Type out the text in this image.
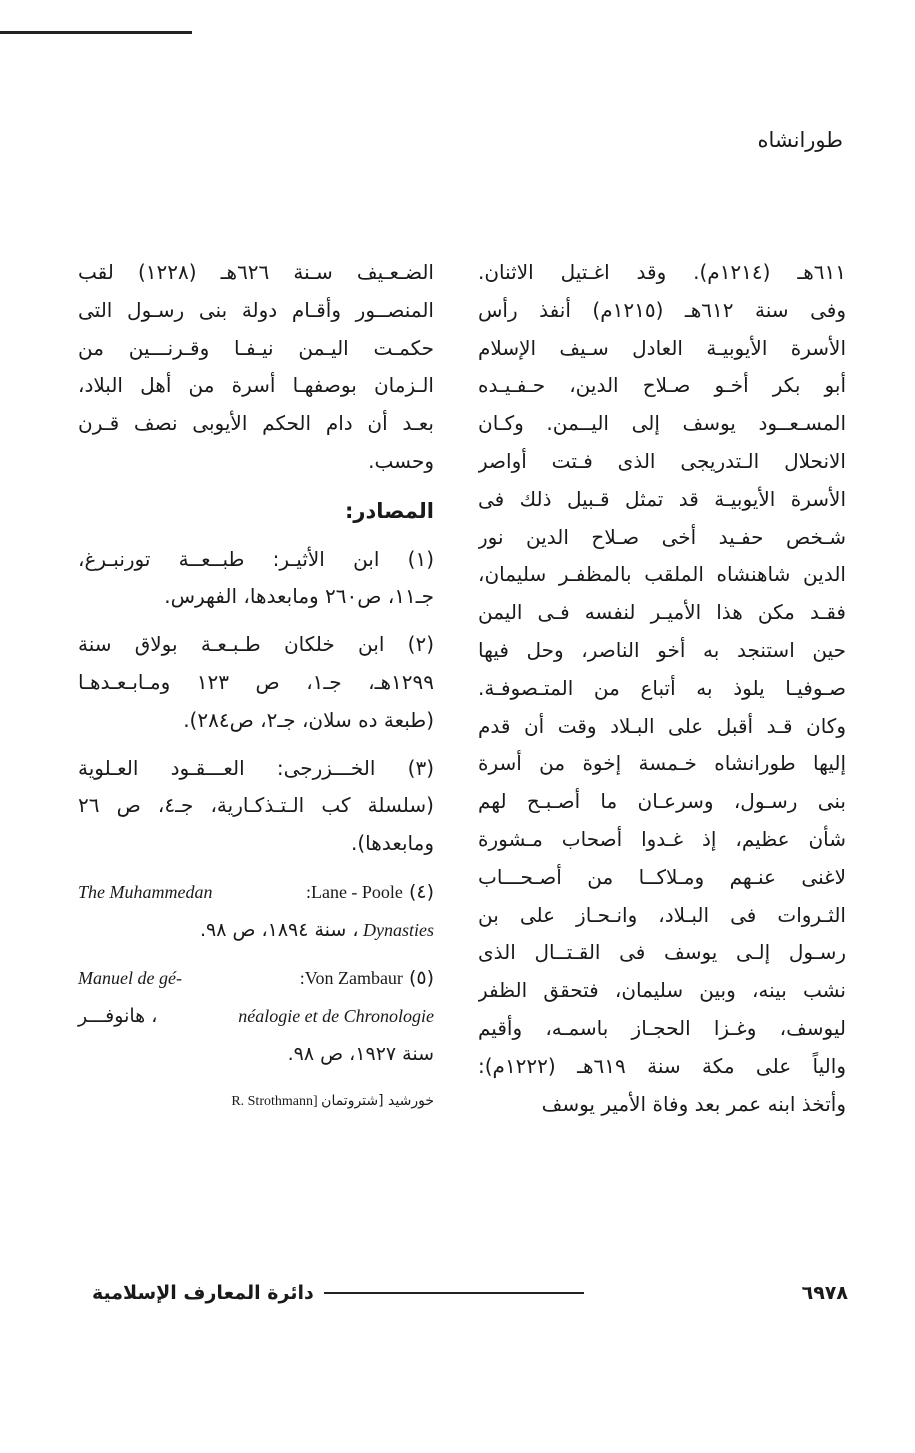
طورانشاه
٦١١هـ (١٢١٤م). وقد اغـتيل الاثنان.
وفى سنة ٦١٢هـ (١٢١٥م) أنفذ رأس
الأسرة الأيوبيـة العادل سـيف الإسلام
أبو بكر أخـو صـلاح الدين، حـفـيـده
المسـعــود يوسف إلى اليــمن. وكـان
الانحلال الـتدريجى الذى فـتت أواصر
الأسرة الأيوبيـة قد تمثل قـبيل ذلك فى
شـخص حفـيد أخى صـلاح الدين نور
الدين شاهنشاه الملقب بالمظفـر سليمان،
فقـد مكن هذا الأميـر لنفسه فـى اليمن
حين استنجد به أخو الناصر، وحل فيها
صـوفيـا يلوذ به أتباع من المتـصوفـة.
وكان قـد أقبل على البـلاد وقت أن قدم
إليها طورانشاه خـمسة إخوة من أسرة
بنى رسـول، وسرعـان ما أصـبـح لهم
شأن عظيم، إذ غـدوا أصحاب مـشورة
لاغنى عنـهم ومـلاكــا من أصـحـــاب
الثـروات فى البـلاد، وانـحـاز على بن
رسـول إلـى يوسف فى القـتــال الذى
نشب بينه، وبين سليمان، فتحقق الظفر
ليوسف، وغـزا الحجـاز باسمـه، وأقيم
والياً على مكة سنة ٦١٩هـ (١٢٢٢م):
وأتخذ ابنه عمر بعد وفاة الأمير يوسف
الضـعـيف سـنة ٦٢٦هـ (١٢٢٨) لقب
المنصــور وأقـام دولة بنى رسـول التى
حكمـت اليـمن نيـفـا وقـرنـــين من
الـزمان بوصفهـا أسرة من أهل البلاد،
بعـد أن دام الحكم الأيوبى نصف قـرن
وحسب.
المصادر:
(١) ابن الأثيـر: طبــعــة تورنبـرغ،
جـ١١، ص٢٦٠ ومابعدها، الفهرس.
(٢) ابن خلكان طـبـعـة بولاق سنة
١٢٩٩هـ، جـ١، ص ١٢٣ ومـابـعـدهـا
(طبعة ده سلان، جـ٢، ص٢٨٤).
(٣) الخـــزرجى: العـــقـود العـلوية
(سلسلة كب الـتـذكـارية، جـ٤، ص ٢٦
ومابعدها).
The Muhammedan	:Lane - Poole (٤)
، سنة ١٨٩٤، ص ٩٨. Dynasties
Manuel de gé-	:Von Zambaur (٥)
، هانوفـــر	néalogie et de Chronologie
سنة ١٩٢٧، ص ٩٨.
R. Strothmann] خورشيد [شتروتمان
دائرة المعارف الإسلامية	٦٩٧٨
